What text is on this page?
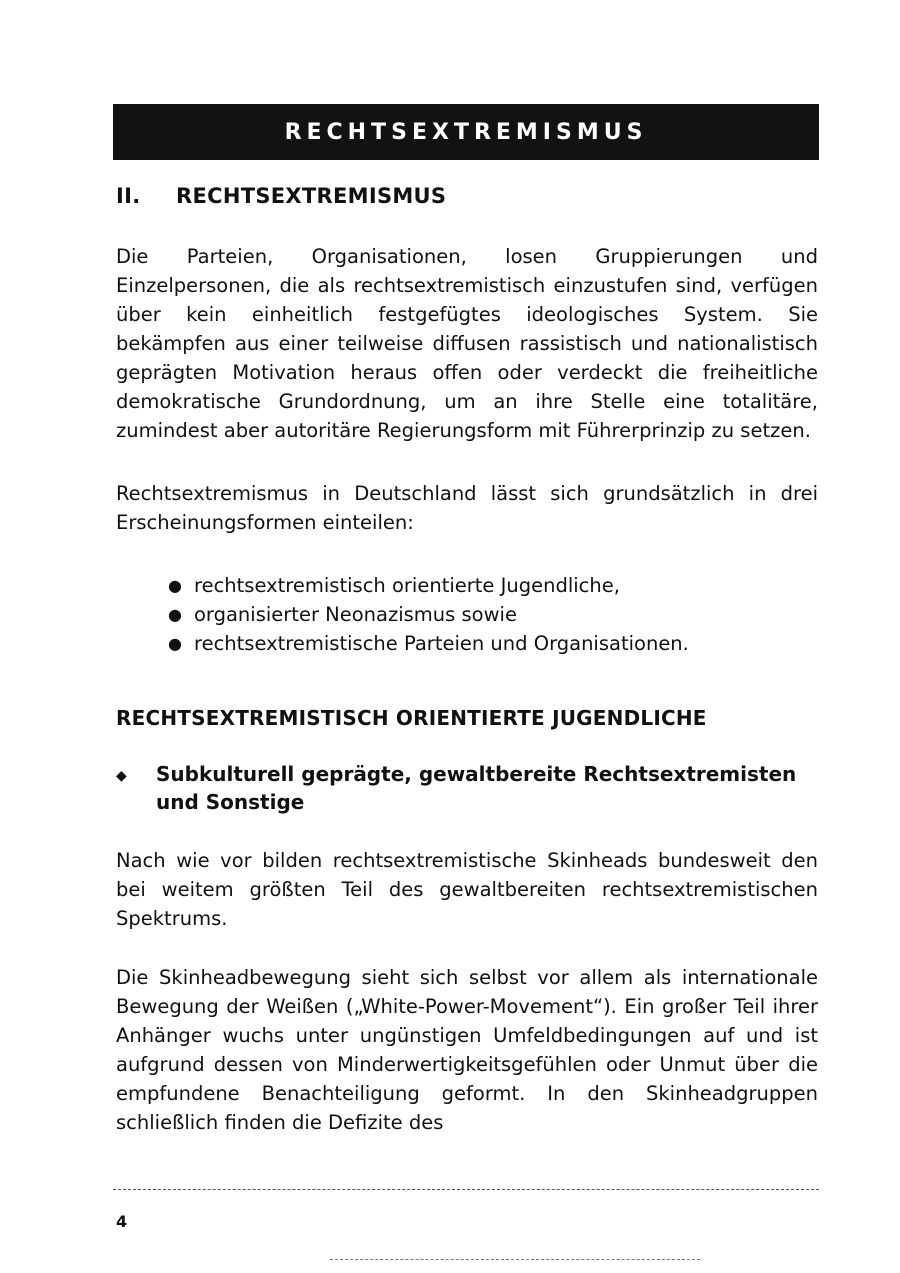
RECHTSEXTREMISMUS
II.	RECHTSEXTREMISMUS

Die Parteien, Organisationen, losen Gruppierungen und Einzelpersonen, die als rechtsextremistisch einzustufen sind, verfügen über kein einheitlich festgefügtes ideologisches System. Sie bekämpfen aus einer teilweise diffusen rassistisch und nationalistisch geprägten Motivation heraus offen oder verdeckt die freiheitliche demokratische Grundordnung, um an ihre Stelle eine totalitäre, zumindest aber autoritäre Regierungsform mit Führerprinzip zu setzen.

Rechtsextremismus in Deutschland lässt sich grundsätzlich in drei Erscheinungsformen einteilen:

● rechtsextremistisch orientierte Jugendliche,
● organisierter Neonazismus sowie
● rechtsextremistische Parteien und Organisationen.
RECHTSEXTREMISTISCH ORIENTIERTE JUGENDLICHE
◆	Subkulturell geprägte, gewaltbereite Rechtsextremisten und Sonstige

Nach wie vor bilden rechtsextremistische Skinheads bundesweit den bei weitem größten Teil des gewaltbereiten rechtsextremistischen Spektrums.

Die Skinheadbewegung sieht sich selbst vor allem als internationale Bewegung der Weißen („White-Power-Movement“). Ein großer Teil ihrer Anhänger wuchs unter ungünstigen Umfeldbedingungen auf und ist aufgrund dessen von Minderwertigkeitsgefühlen oder Unmut über die empfundene Benachteiligung geformt. In den Skinheadgruppen schließlich finden die Defizite des

4
